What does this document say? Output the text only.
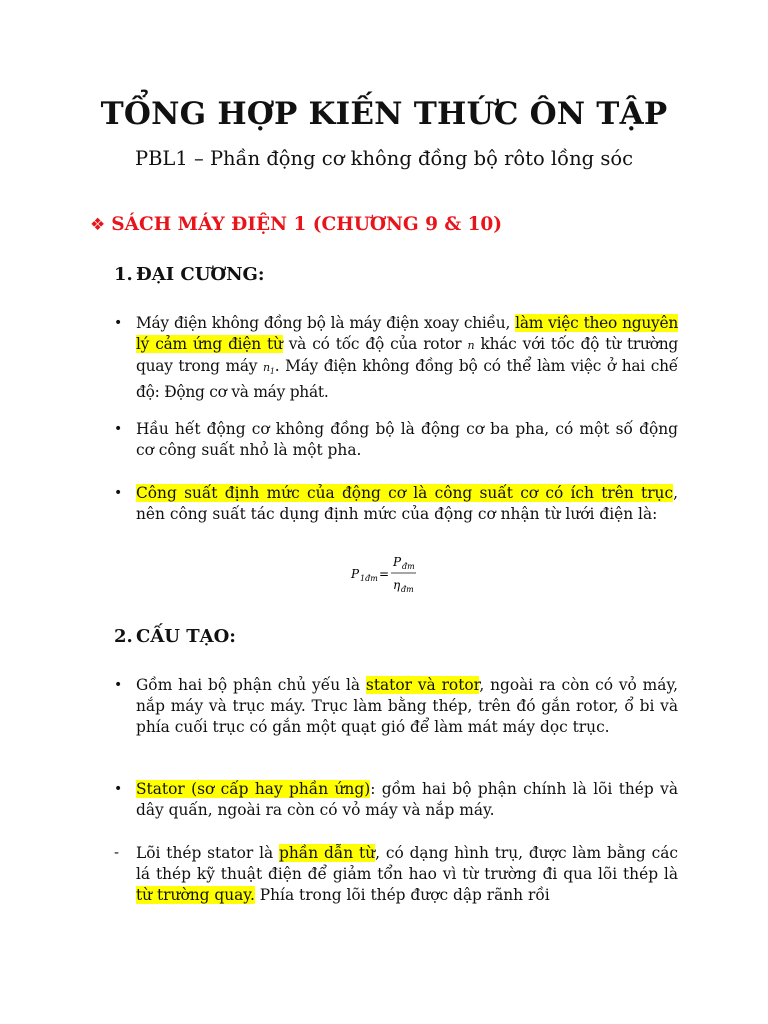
TỔNG HỢP KIẾN THỨC ÔN TẬP
PBL1 – Phần động cơ không đồng bộ rôto lồng sóc
❖ SÁCH MÁY ĐIỆN 1 (CHƯƠNG 9 & 10)
1. ĐẠI CƯƠNG:
• Máy điện không đồng bộ là máy điện xoay chiều, làm việc theo nguyên lý cảm ứng điện từ và có tốc độ của rotor n khác với tốc độ từ trường quay trong máy $n_1$. Máy điện không đồng bộ có thể làm việc ở hai chế độ: Động cơ và máy phát.
• Hầu hết động cơ không đồng bộ là động cơ ba pha, có một số động cơ công suất nhỏ là một pha.
• Công suất định mức của động cơ là công suất cơ có ích trên trục, nên công suất tác dụng định mức của động cơ nhận từ lưới điện là:
P 1đm =
P đm
η đm
2. CẤU TẠO:
• Gồm hai bộ phận chủ yếu là stator và rotor, ngoài ra còn có vỏ máy, nắp máy và trục máy. Trục làm bằng thép, trên đó gắn rotor, ổ bi và phía cuối trục có gắn một quạt gió để làm mát máy dọc trục.
• Stator (sơ cấp hay phần ứng): gồm hai bộ phận chính là lõi thép và dây quấn, ngoài ra còn có vỏ máy và nắp máy.
- Lõi thép stator là phần dẫn từ, có dạng hình trụ, được làm bằng các lá thép kỹ thuật điện để giảm tổn hao vì từ trường đi qua lõi thép là từ trường quay. Phía trong lõi thép được dập rãnh rồi
